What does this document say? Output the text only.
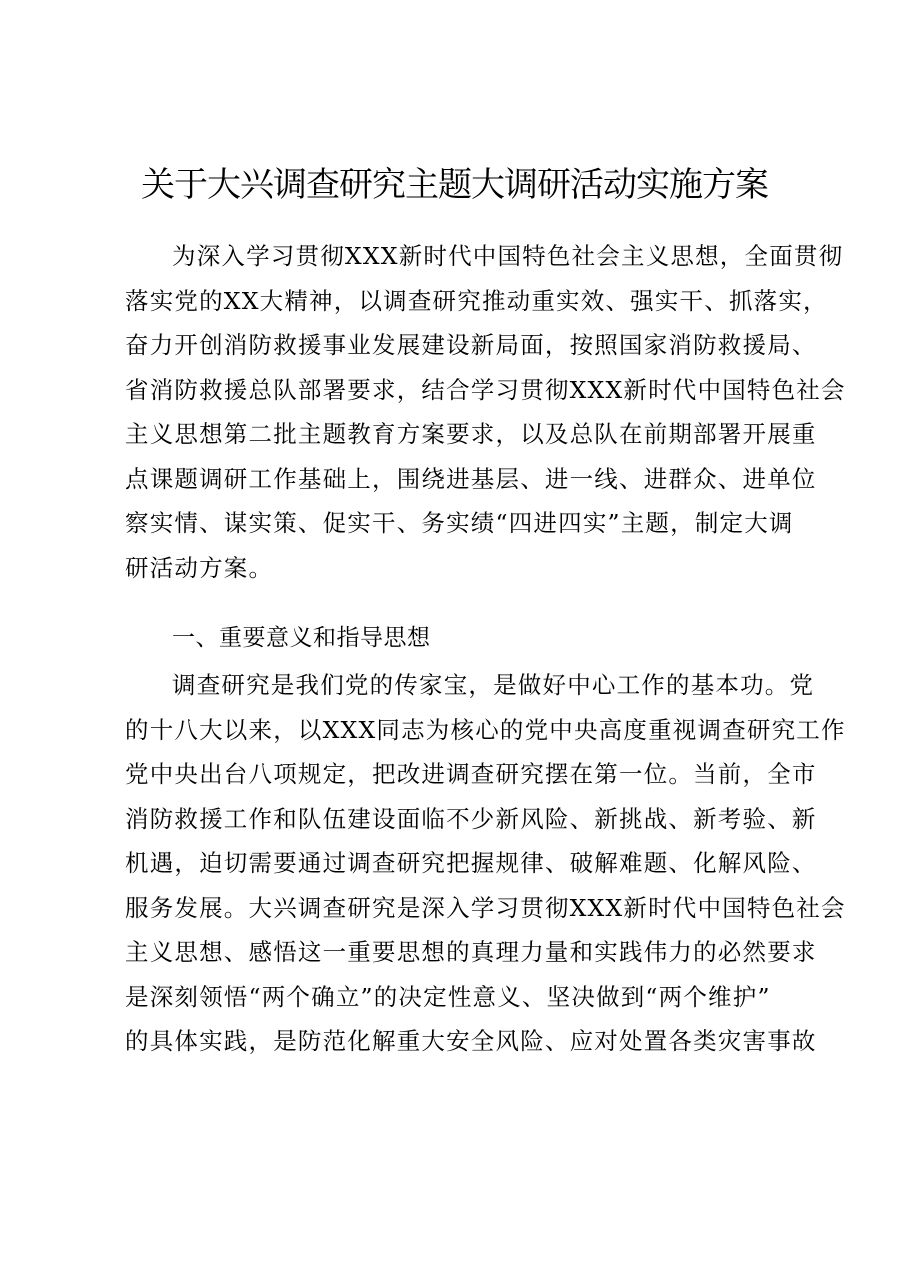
关于大兴调查研究主题大调研活动实施方案
为深入学习贯彻XXX新时代中国特色社会主义思想，全面贯彻
落实党的XX大精神，以调查研究推动重实效、强实干、抓落实，
奋力开创消防救援事业发展建设新局面，按照国家消防救援局、
省消防救援总队部署要求，结合学习贯彻XXX新时代中国特色社会
主义思想第二批主题教育方案要求，以及总队在前期部署开展重
点课题调研工作基础上，围绕进基层、进一线、进群众、进单位
察实情、谋实策、促实干、务实绩“四进四实”主题，制定大调
研活动方案。
一、重要意义和指导思想
调查研究是我们党的传家宝，是做好中心工作的基本功。党
的十八大以来，以XXX同志为核心的党中央高度重视调查研究工作
党中央出台八项规定，把改进调查研究摆在第一位。当前，全市
消防救援工作和队伍建设面临不少新风险、新挑战、新考验、新
机遇，迫切需要通过调查研究把握规律、破解难题、化解风险、
服务发展。大兴调查研究是深入学习贯彻XXX新时代中国特色社会
主义思想、感悟这一重要思想的真理力量和实践伟力的必然要求
是深刻领悟“两个确立”的决定性意义、坚决做到“两个维护”
的具体实践，是防范化解重大安全风险、应对处置各类灾害事故
